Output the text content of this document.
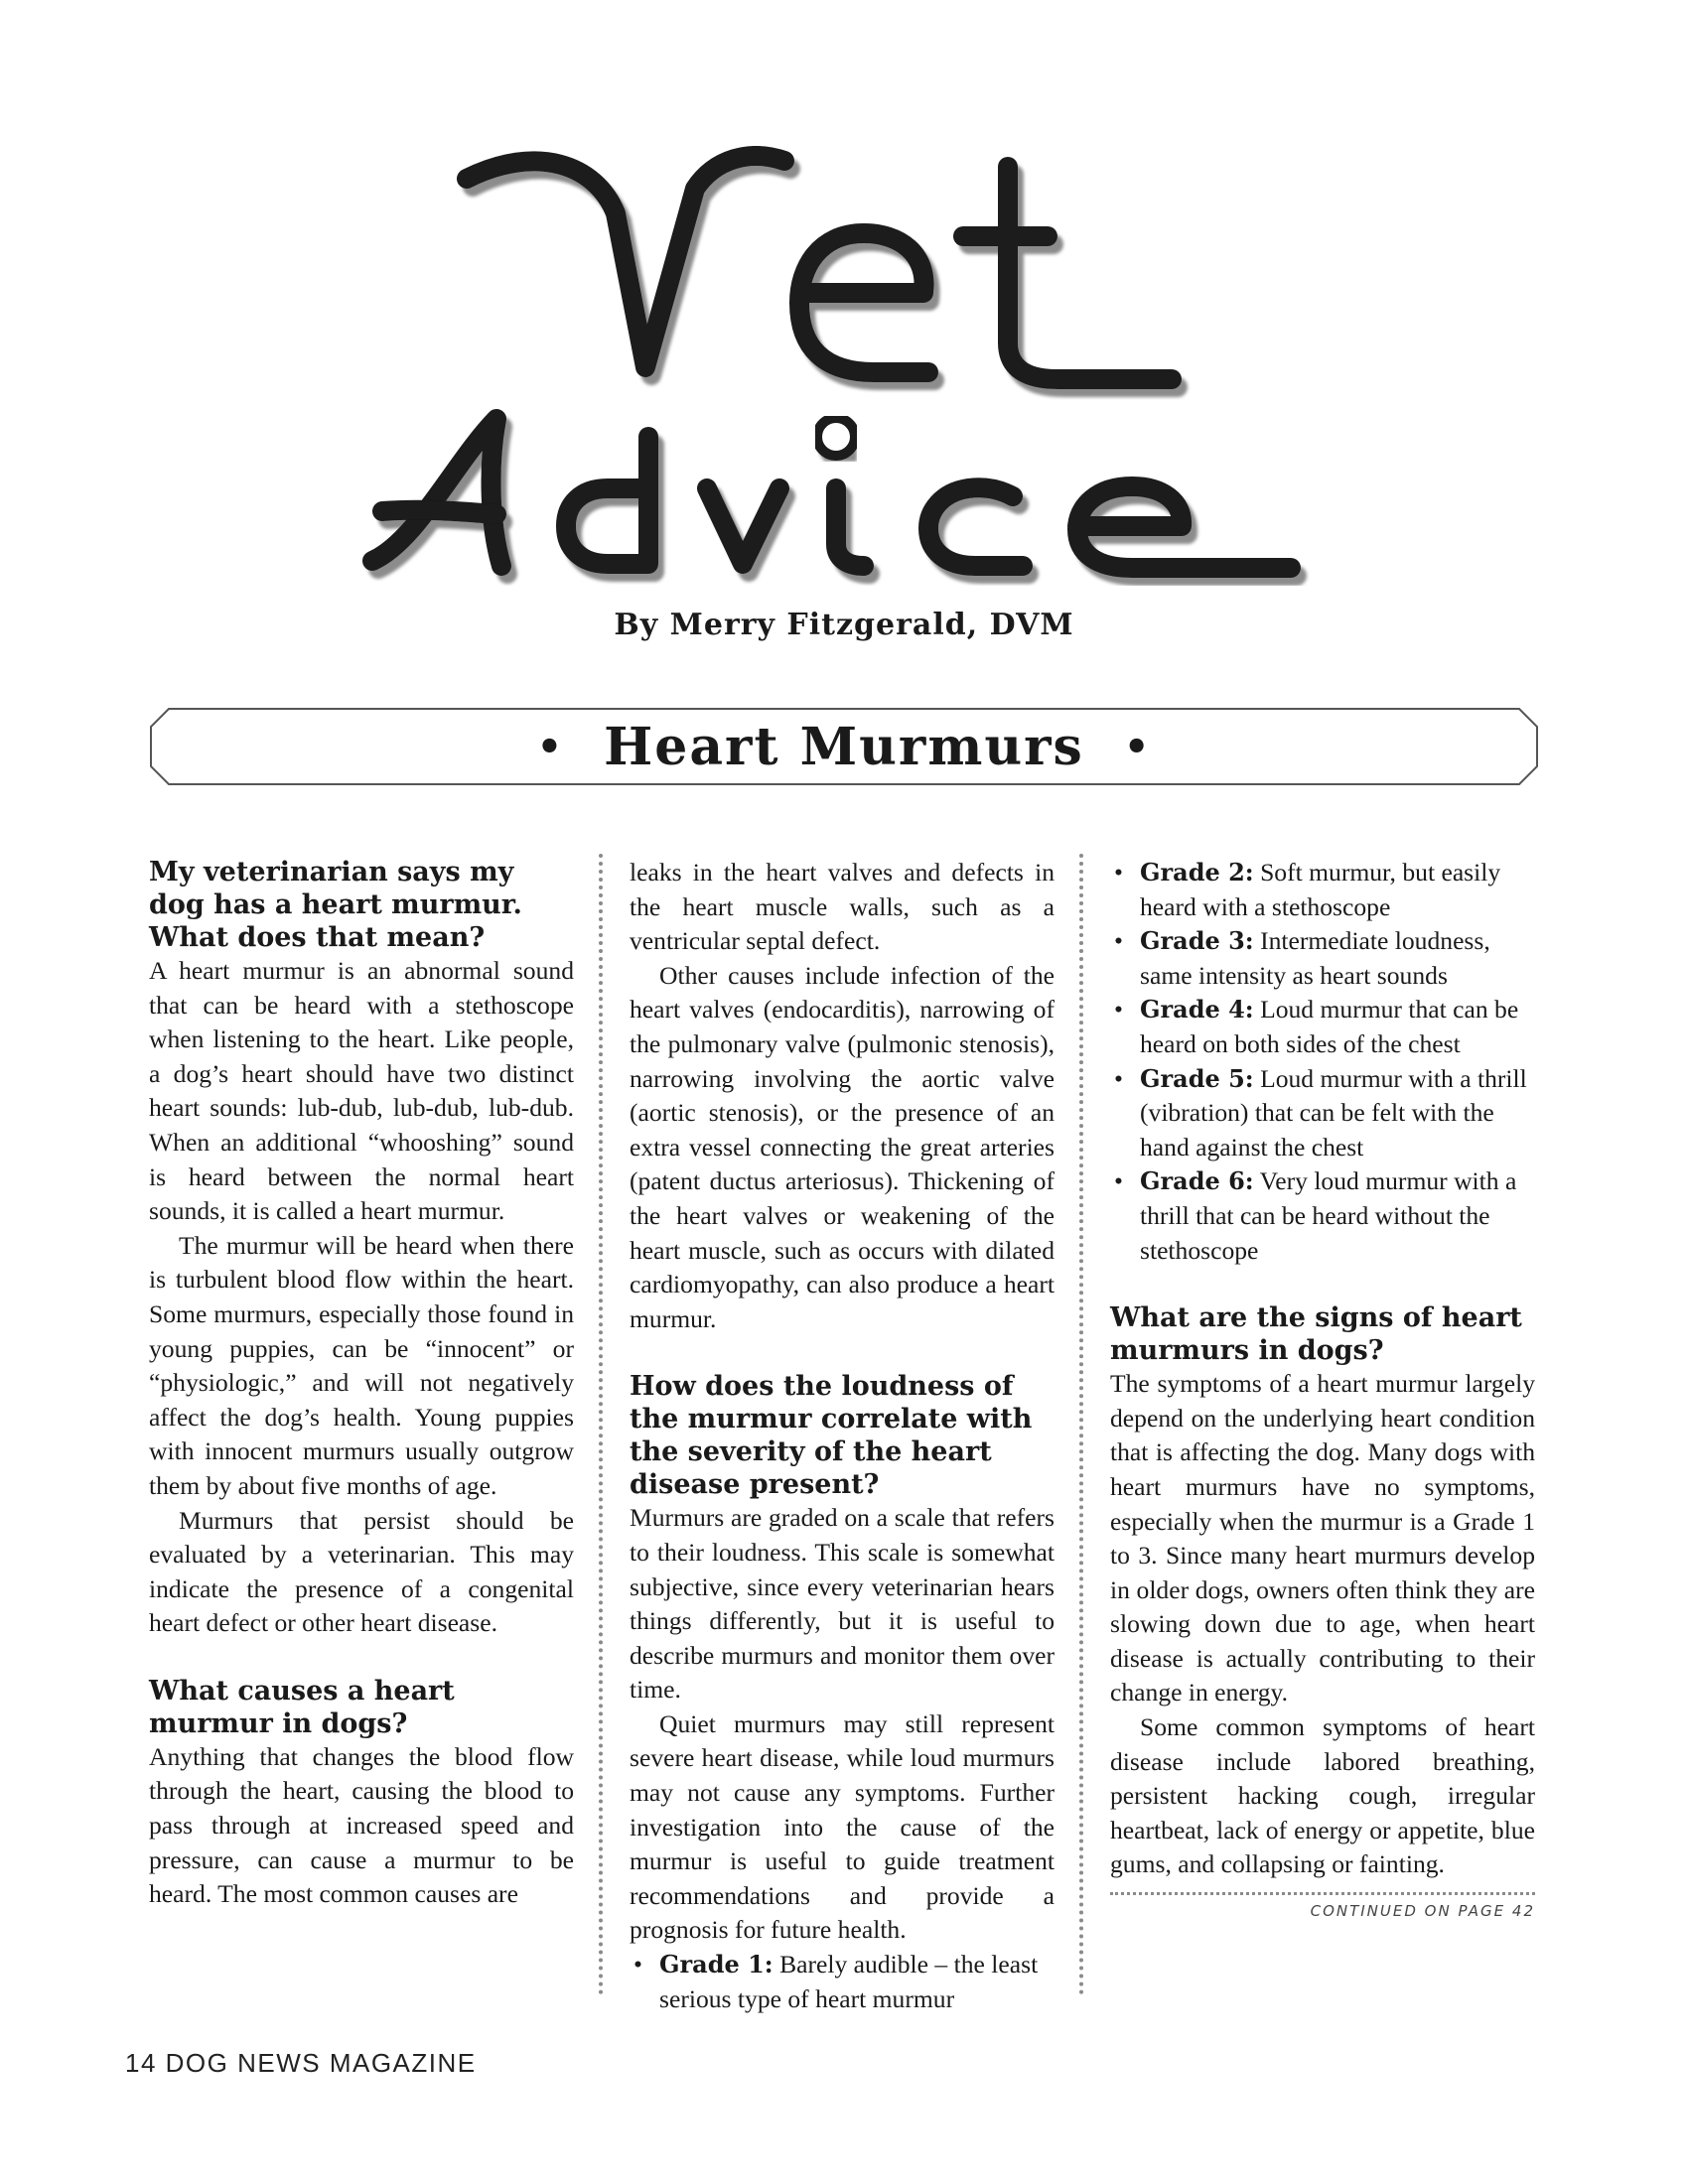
By Merry Fitzgerald, DVM
• Heart Murmurs •
My veterinarian says my dog has a heart murmur. What does that mean?

A heart murmur is an abnormal sound that can be heard with a stethoscope when listening to the heart. Like people, a dog’s heart should have two distinct heart sounds: lub-dub, lub-dub, lub-dub. When an additional “whooshing” sound is heard between the normal heart sounds, it is called a heart murmur.

The murmur will be heard when there is turbulent blood flow within the heart. Some murmurs, especially those found in young puppies, can be “innocent” or “physiologic,” and will not negatively affect the dog’s health. Young puppies with innocent murmurs usually outgrow them by about five months of age.

Murmurs that persist should be evaluated by a veterinarian. This may indicate the presence of a congenital heart defect or other heart disease.

What causes a heart murmur in dogs?

Anything that changes the blood flow through the heart, causing the blood to pass through at increased speed and pressure, can cause a murmur to be heard. The most common causes are

leaks in the heart valves and defects in the heart muscle walls, such as a ventricular septal defect.

Other causes include infection of the heart valves (endocarditis), narrowing of the pulmonary valve (pulmonic stenosis), narrowing involving the aortic valve (aortic stenosis), or the presence of an extra vessel connecting the great arteries (patent ductus arteriosus). Thickening of the heart valves or weakening of the heart muscle, such as occurs with dilated cardiomyopathy, can also produce a heart murmur.

How does the loudness of the murmur correlate with the severity of the heart disease present?

Murmurs are graded on a scale that refers to their loudness. This scale is somewhat subjective, since every veterinarian hears things differently, but it is useful to describe murmurs and monitor them over time.

Quiet murmurs may still represent severe heart disease, while loud murmurs may not cause any symptoms. Further investigation into the cause of the murmur is useful to guide treatment recommendations and provide a prognosis for future health.

• Grade 1: Barely audible – the least serious type of heart murmur
• Grade 2: Soft murmur, but easily heard with a stethoscope
• Grade 3: Intermediate loudness, same intensity as heart sounds
• Grade 4: Loud murmur that can be heard on both sides of the chest
• Grade 5: Loud murmur with a thrill (vibration) that can be felt with the hand against the chest
• Grade 6: Very loud murmur with a thrill that can be heard without the stethoscope
What are the signs of heart murmurs in dogs?

The symptoms of a heart murmur largely depend on the underlying heart condition that is affecting the dog. Many dogs with heart murmurs have no symptoms, especially when the murmur is a Grade 1 to 3. Since many heart murmurs develop in older dogs, owners often think they are slowing down due to age, when heart disease is actually contributing to their change in energy.

Some common symptoms of heart disease include labored breathing, persistent hacking cough, irregular heartbeat, lack of energy or appetite, blue gums, and collapsing or fainting.

CONTINUED ON PAGE 42
14 DOG NEWS MAGAZINE
